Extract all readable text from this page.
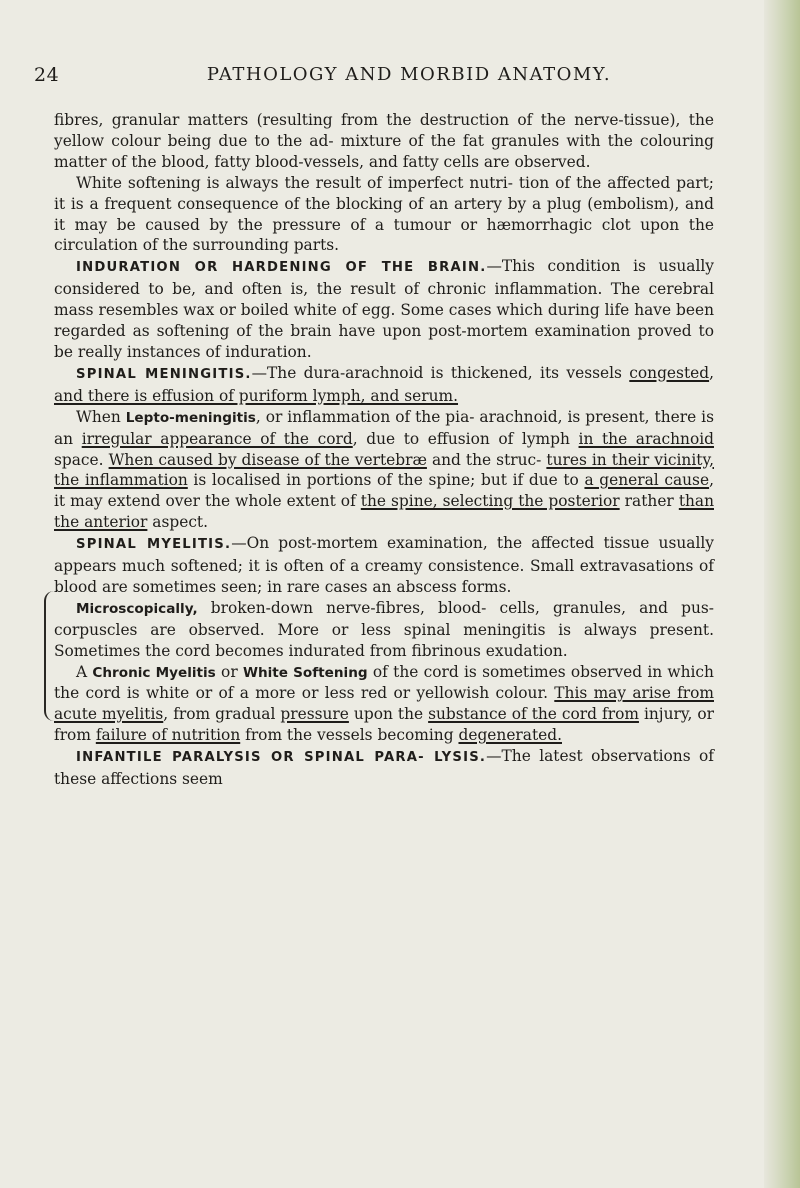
24	PATHOLOGY AND MORBID ANATOMY.

fibres, granular matters (resulting from the destruction of the nerve-tissue), the yellow colour being due to the ad- mixture of the fat granules with the colouring matter of the blood, fatty blood-vessels, and fatty cells are observed.

White softening is always the result of imperfect nutri- tion of the affected part; it is a frequent consequence of the blocking of an artery by a plug (embolism), and it may be caused by the pressure of a tumour or hæmorrhagic clot upon the circulation of the surrounding parts.

INDURATION OR HARDENING OF THE BRAIN.—This condition is usually considered to be, and often is, the result of chronic inflammation. The cerebral mass resembles wax or boiled white of egg. Some cases which during life have been regarded as softening of the brain have upon post-mortem examination proved to be really instances of induration.

SPINAL MENINGITIS.—The dura-arachnoid is thickened, its vessels congested, and there is effusion of puriform lymph, and serum.

When Lepto-meningitis, or inflammation of the pia- arachnoid, is present, there is an irregular appearance of the cord, due to effusion of lymph in the arachnoid space. When caused by disease of the vertebræ and the struc- tures in their vicinity, the inflammation is localised in portions of the spine; but if due to a general cause, it may extend over the whole extent of the spine, selecting the posterior rather than the anterior aspect.

SPINAL MYELITIS.—On post-mortem examination, the affected tissue usually appears much softened; it is often of a creamy consistence. Small extravasations of blood are sometimes seen; in rare cases an abscess forms.

Microscopically, broken-down nerve-fibres, blood- cells, granules, and pus-corpuscles are observed. More or less spinal meningitis is always present. Sometimes the cord becomes indurated from fibrinous exudation.

A Chronic Myelitis or White Softening of the cord is sometimes observed in which the cord is white or of a more or less red or yellowish colour. This may arise from acute myelitis, from gradual pressure upon the substance of the cord from injury, or from failure of nutrition from the vessels becoming degenerated.

INFANTILE PARALYSIS OR SPINAL PARA- LYSIS.—The latest observations of these affections seem
